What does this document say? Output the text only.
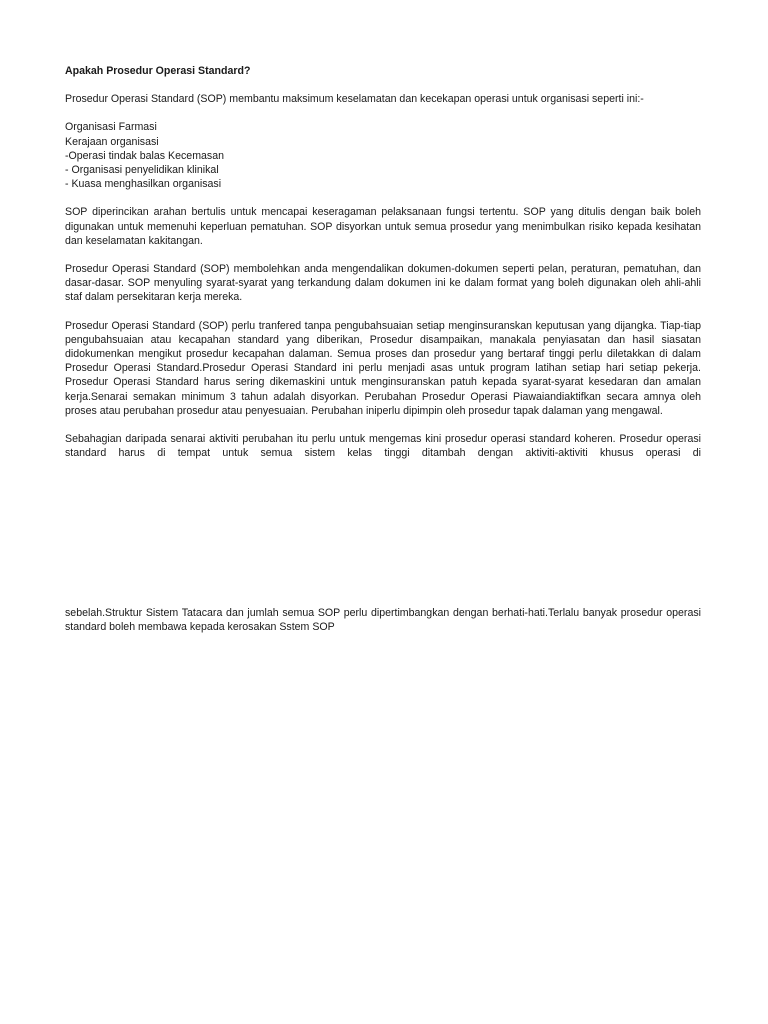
Apakah Prosedur Operasi Standard?

Prosedur Operasi Standard (SOP) membantu maksimum keselamatan dan kecekapan operasi untuk organisasi seperti ini:-

Organisasi Farmasi
Kerajaan organisasi
-Operasi tindak balas Kecemasan
- Organisasi penyelidikan klinikal
- Kuasa menghasilkan organisasi

SOP diperincikan arahan bertulis untuk mencapai keseragaman pelaksanaan fungsi tertentu. SOP yang ditulis dengan baik boleh digunakan untuk memenuhi keperluan pematuhan. SOP disyorkan untuk semua prosedur yang menimbulkan risiko kepada kesihatan dan keselamatan kakitangan.

Prosedur Operasi Standard (SOP) membolehkan anda mengendalikan dokumen-dokumen seperti pelan, peraturan, pematuhan, dan dasar-dasar. SOP menyuling syarat-syarat yang terkandung dalam dokumen ini ke dalam format yang boleh digunakan oleh ahli-ahli staf dalam persekitaran kerja mereka.

Prosedur Operasi Standard (SOP) perlu tranfered tanpa pengubahsuaian setiap menginsuranskan keputusan yang dijangka. Tiap-tiap pengubahsuaian atau kecapahan standard yang diberikan, Prosedur disampaikan, manakala penyiasatan dan hasil siasatan didokumenkan mengikut prosedur kecapahan dalaman. Semua proses dan prosedur yang bertaraf tinggi perlu diletakkan di dalam Prosedur Operasi Standard.Prosedur Operasi Standard ini perlu menjadi asas untuk program latihan setiap hari setiap pekerja. Prosedur Operasi Standard harus sering dikemaskini untuk menginsuranskan patuh kepada syarat-syarat kesedaran dan amalan kerja.Senarai semakan minimum 3 tahun adalah disyorkan. Perubahan Prosedur Operasi Piawaiandiaktifkan secara amnya oleh proses atau perubahan prosedur atau penyesuaian. Perubahan iniperlu dipimpin oleh prosedur tapak dalaman yang mengawal.

Sebahagian daripada senarai aktiviti perubahan itu perlu untuk mengemas kini prosedur operasi standard koheren. Prosedur operasi standard harus di tempat untuk semua sistem kelas tinggi ditambah dengan aktiviti-aktiviti khusus operasi di

sebelah.Struktur Sistem Tatacara dan jumlah semua SOP perlu dipertimbangkan dengan berhati-hati.Terlalu banyak prosedur operasi standard boleh membawa kepada kerosakan Sstem SOP
